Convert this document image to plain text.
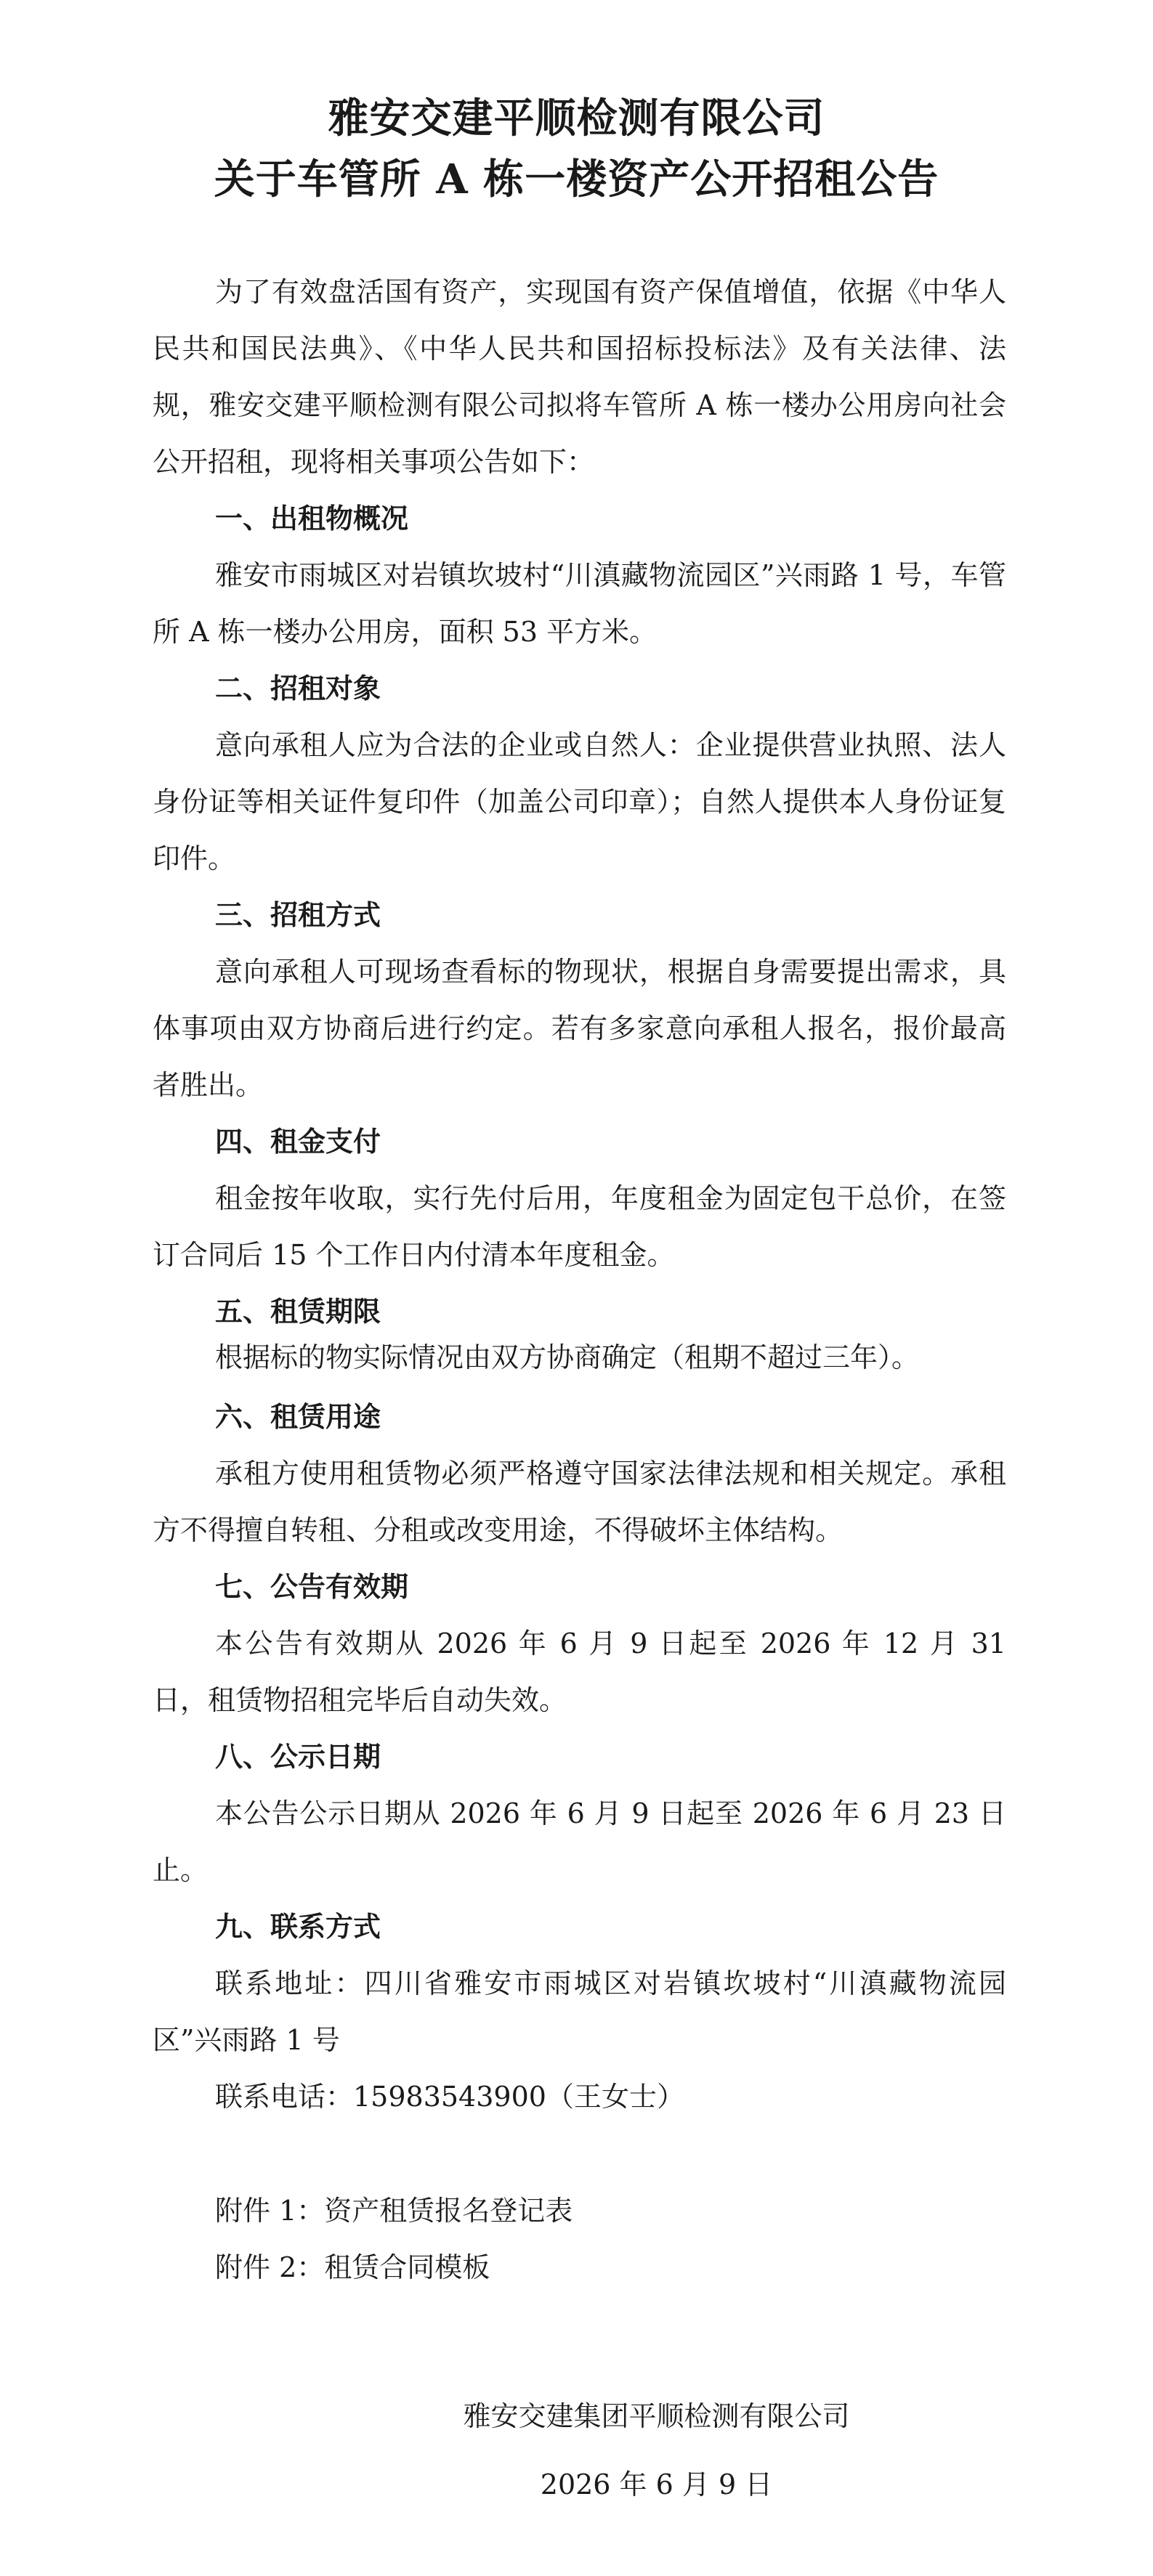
雅安交建平顺检测有限公司
关于车管所 A 栋一楼资产公开招租公告

为了有效盘活国有资产，实现国有资产保值增值，依据《中华人民共和国民法典》、《中华人民共和国招标投标法》及有关法律、法规，雅安交建平顺检测有限公司拟将车管所 A 栋一楼办公用房向社会公开招租，现将相关事项公告如下：

一、出租物概况

雅安市雨城区对岩镇坎坡村“川滇藏物流园区”兴雨路 1 号，车管所 A 栋一楼办公用房，面积 53 平方米。

二、招租对象

意向承租人应为合法的企业或自然人：企业提供营业执照、法人身份证等相关证件复印件（加盖公司印章）；自然人提供本人身份证复印件。

三、招租方式

意向承租人可现场查看标的物现状，根据自身需要提出需求，具体事项由双方协商后进行约定。若有多家意向承租人报名，报价最高者胜出。

四、租金支付

租金按年收取，实行先付后用，年度租金为固定包干总价，在签订合同后 15 个工作日内付清本年度租金。

五、租赁期限

根据标的物实际情况由双方协商确定（租期不超过三年）。

六、租赁用途

承租方使用租赁物必须严格遵守国家法律法规和相关规定。承租方不得擅自转租、分租或改变用途，不得破坏主体结构。

七、公告有效期

本公告有效期从 2026 年 6 月 9 日起至 2026 年 12 月 31 日，租赁物招租完毕后自动失效。

八、公示日期

本公告公示日期从 2026 年 6 月 9 日起至 2026 年 6 月 23 日止。

九、联系方式

联系地址：四川省雅安市雨城区对岩镇坎坡村“川滇藏物流园区”兴雨路 1 号

联系电话：15983543900（王女士）

附件 1：资产租赁报名登记表

附件 2：租赁合同模板

雅安交建集团平顺检测有限公司

2026 年 6 月 9 日
